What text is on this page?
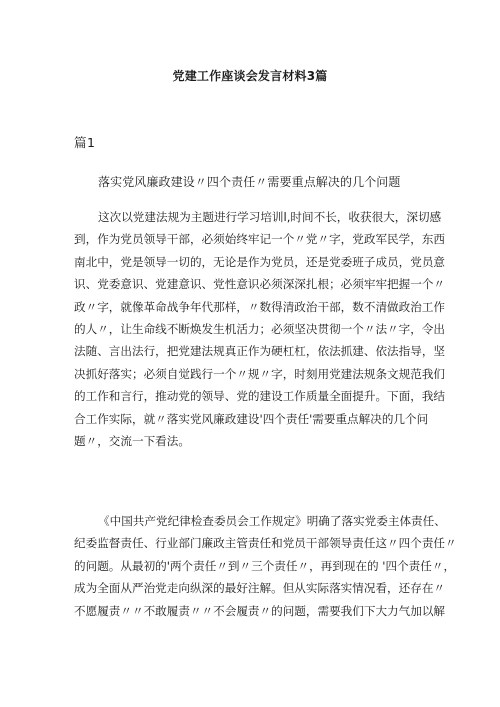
党建工作座谈会发言材料3篇
篇1
落实党风廉政建设〃四个责任〃需要重点解决的几个问题
这次以党建法规为主题进行学习培训l,时间不长，收获很大，深切感
到，作为党员领导干部，必须始终牢记一个〃党〃字，党政军民学，东西
南北中，党是领导一切的，无论是作为党员，还是党委班子成员，党员意
识、党委意识、党建意识、党性意识必须深深扎根；必须牢牢把握一个〃
政〃字，就像革命战争年代那样，〃数得清政治干部，数不清做政治工作
的人〃，让生命线不断焕发生机活力；必须坚决贯彻一个〃法〃字，令出
法随、言出法行，把党建法规真正作为硬杠杠，依法抓建、依法指导，坚
决抓好落实；必须自觉践行一个〃规〃字，时刻用党建法规条文规范我们
的工作和言行，推动党的领导、党的建设工作质量全面提升。下面，我结
合工作实际，就〃落实党风廉政建设'四个责任'需要重点解决的几个问
题〃，交流一下看法。
《中国共产党纪律检查委员会工作规定》明确了落实党委主体责任、
纪委监督责任、行业部门廉政主管责任和党员干部领导责任这〃四个责任〃
的问题。从最初的'两个责任〃到〃三个责任〃，再到现在的 '四个责任〃，
成为全面从严治党走向纵深的最好注解。但从实际落实情况看，还存在〃
不愿履责〃〃不敢履责〃〃不会履责〃的问题，需要我们下大力气加以解
